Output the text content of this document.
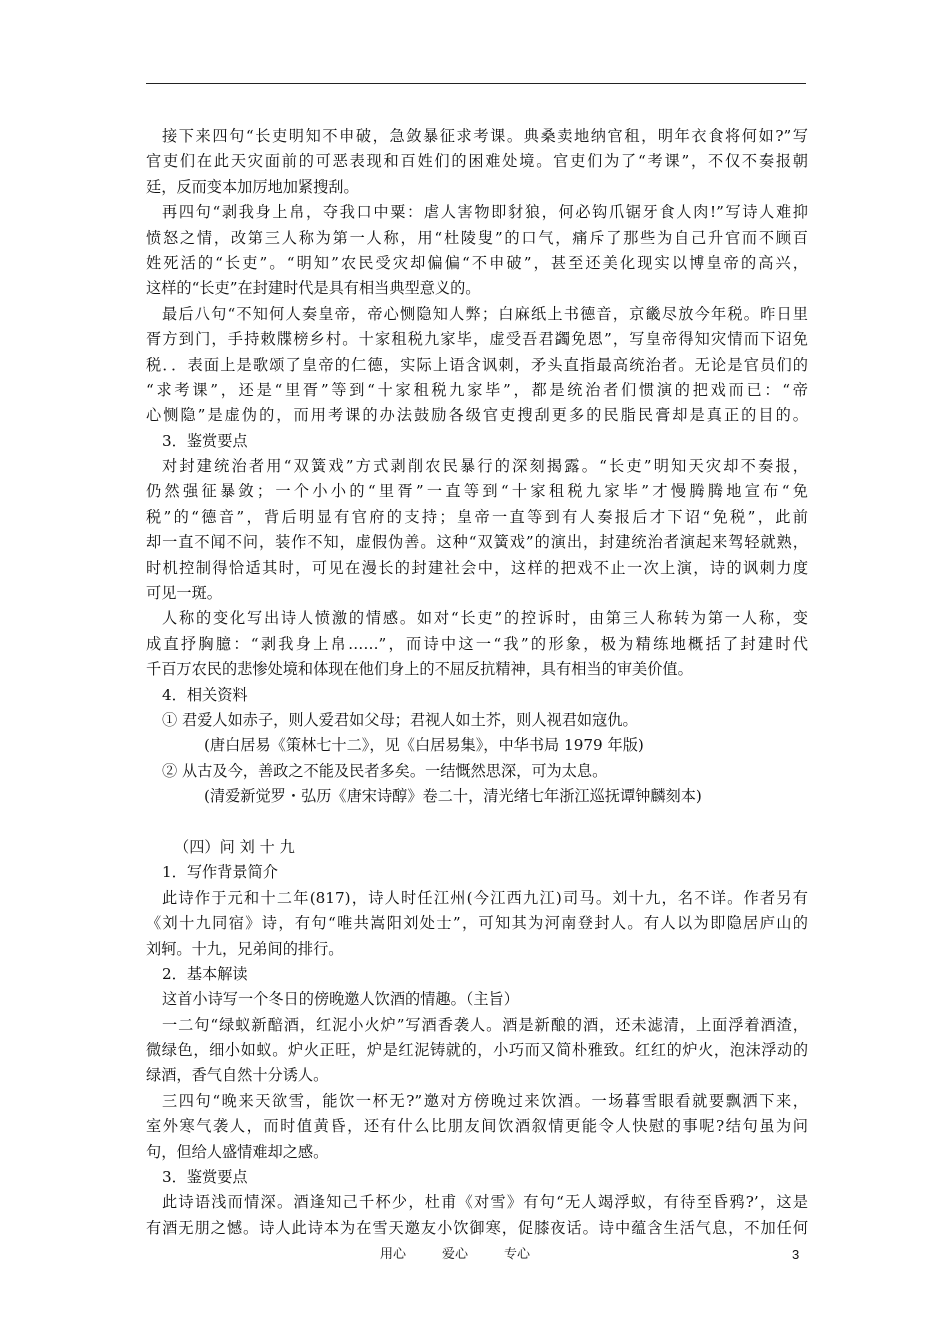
接下来四句“长吏明知不申破，急敛暴征求考课。典桑卖地纳官租，明年衣食将何如?”写
官吏们在此天灾面前的可恶表现和百姓们的困难处境。官吏们为了“考课”，不仅不奏报朝
廷，反而变本加厉地加紧搜刮。
再四句“剥我身上帛，夺我口中粟：虐人害物即豺狼，何必钩爪锯牙食人肉!”写诗人难抑
愤怒之情，改第三人称为第一人称，用“杜陵叟”的口气，痛斥了那些为自己升官而不顾百
姓死活的“长吏”。“明知”农民受灾却偏偏“不申破”，甚至还美化现实以博皇帝的高兴，
这样的“长吏”在封建时代是具有相当典型意义的。
最后八句“不知何人奏皇帝，帝心恻隐知人弊；白麻纸上书德音，京畿尽放今年税。昨日里
胥方到门，手持敕牒榜乡村。十家租税九家毕，虚受吾君蠲免恩”，写皇帝得知灾情而下诏免
税．．表面上是歌颂了皇帝的仁德，实际上语含讽刺，矛头直指最高统治者。无论是官员们的
“求考课”，还是“里胥”等到“十家租税九家毕”，都是统治者们惯演的把戏而已：“帝
心恻隐”是虚伪的，而用考课的办法鼓励各级官吏搜刮更多的民脂民膏却是真正的目的。
3．鉴赏要点
对封建统治者用“双簧戏”方式剥削农民暴行的深刻揭露。“长吏”明知天灾却不奏报，
仍然强征暴敛；一个小小的“里胥”一直等到“十家租税九家毕”才慢腾腾地宣布“免
税”的“德音”，背后明显有官府的支持；皇帝一直等到有人奏报后才下诏“免税”，此前
却一直不闻不问，装作不知，虚假伪善。这种“双簧戏”的演出，封建统治者演起来驾轻就熟，
时机控制得恰适其时，可见在漫长的封建社会中，这样的把戏不止一次上演，诗的讽刺力度
可见一斑。
人称的变化写出诗人愤激的情感。如对“长吏”的控诉时，由第三人称转为第一人称，变
成直抒胸臆：“剥我身上帛……”，而诗中这一“我”的形象，极为精练地概括了封建时代
千百万农民的悲惨处境和体现在他们身上的不屈反抗精神，具有相当的审美价值。
4．相关资料
① 君爱人如赤子，则人爱君如父母；君视人如土芥，则人视君如寇仇。
(唐白居易《策林七十二》，见《白居易集》，中华书局 1979 年版)
② 从古及今，善政之不能及民者多矣。一结慨然思深，可为太息。
(清爱新觉罗・弘历《唐宋诗醇》卷二十，清光绪七年浙江巡抚谭钟麟刻本)
（四）问 刘 十 九
1．写作背景简介
此诗作于元和十二年(817)，诗人时任江州(今江西九江)司马。刘十九，名不详。作者另有
《刘十九同宿》诗，有句“唯共嵩阳刘处士”，可知其为河南登封人。有人以为即隐居庐山的
刘轲。十九，兄弟间的排行。
2．基本解读
这首小诗写一个冬日的傍晚邀人饮酒的情趣。（主旨）
一二句“绿蚁新醅酒，红泥小火炉”写酒香袭人。酒是新酿的酒，还未滤清，上面浮着酒渣，
微绿色，细小如蚁。炉火正旺，炉是红泥铸就的，小巧而又简朴雅致。红红的炉火，泡沫浮动的
绿酒，香气自然十分诱人。
三四句“晚来天欲雪，能饮一杯无?”邀对方傍晚过来饮酒。一场暮雪眼看就要飘洒下来，
室外寒气袭人，而时值黄昏，还有什么比朋友间饮酒叙情更能令人快慰的事呢?结句虽为问
句，但给人盛情难却之感。
3．鉴赏要点
此诗语浅而情深。酒逢知己千杯少，杜甫《对雪》有句“无人竭浮蚁，有待至昏鸦?’，这是
有酒无朋之憾。诗人此诗本为在雪天邀友小饮御寒，促膝夜话。诗中蕴含生活气息，不加任何
用心	爱心	专心	3
